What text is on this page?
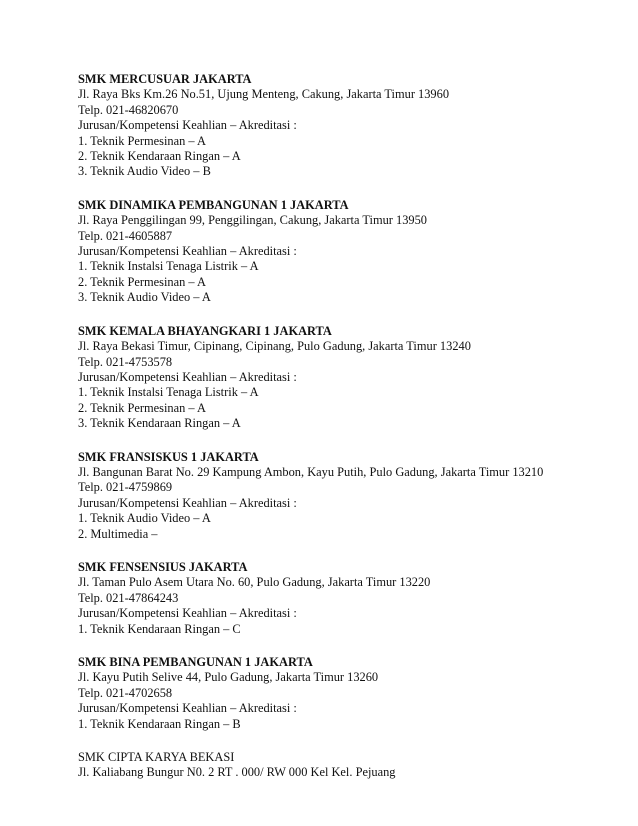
SMK MERCUSUAR JAKARTA
Jl. Raya Bks Km.26 No.51, Ujung Menteng, Cakung, Jakarta Timur 13960
Telp. 021-46820670
Jurusan/Kompetensi Keahlian – Akreditasi :
1. Teknik Permesinan – A
2. Teknik Kendaraan Ringan – A
3. Teknik Audio Video – B
SMK DINAMIKA PEMBANGUNAN 1 JAKARTA
Jl. Raya Penggilingan 99, Penggilingan, Cakung, Jakarta Timur 13950
Telp. 021-4605887
Jurusan/Kompetensi Keahlian – Akreditasi :
1. Teknik Instalsi Tenaga Listrik – A
2. Teknik Permesinan – A
3. Teknik Audio Video – A
SMK KEMALA BHAYANGKARI 1 JAKARTA
Jl. Raya Bekasi Timur, Cipinang, Cipinang, Pulo Gadung, Jakarta Timur 13240
Telp. 021-4753578
Jurusan/Kompetensi Keahlian – Akreditasi :
1. Teknik Instalsi Tenaga Listrik – A
2. Teknik Permesinan – A
3. Teknik Kendaraan Ringan – A
SMK FRANSISKUS 1 JAKARTA
Jl. Bangunan Barat No. 29 Kampung Ambon, Kayu Putih, Pulo Gadung, Jakarta Timur 13210
Telp. 021-4759869
Jurusan/Kompetensi Keahlian – Akreditasi :
1. Teknik Audio Video – A
2. Multimedia –
SMK FENSENSIUS JAKARTA
Jl. Taman Pulo Asem Utara No. 60, Pulo Gadung, Jakarta Timur 13220
Telp. 021-47864243
Jurusan/Kompetensi Keahlian – Akreditasi :
1. Teknik Kendaraan Ringan – C
SMK BINA PEMBANGUNAN 1 JAKARTA
Jl. Kayu Putih Selive 44, Pulo Gadung, Jakarta Timur 13260
Telp. 021-4702658
Jurusan/Kompetensi Keahlian – Akreditasi :
1. Teknik Kendaraan Ringan – B
SMK CIPTA KARYA BEKASI
Jl. Kaliabang Bungur N0. 2 RT . 000/ RW 000 Kel Kel. Pejuang
